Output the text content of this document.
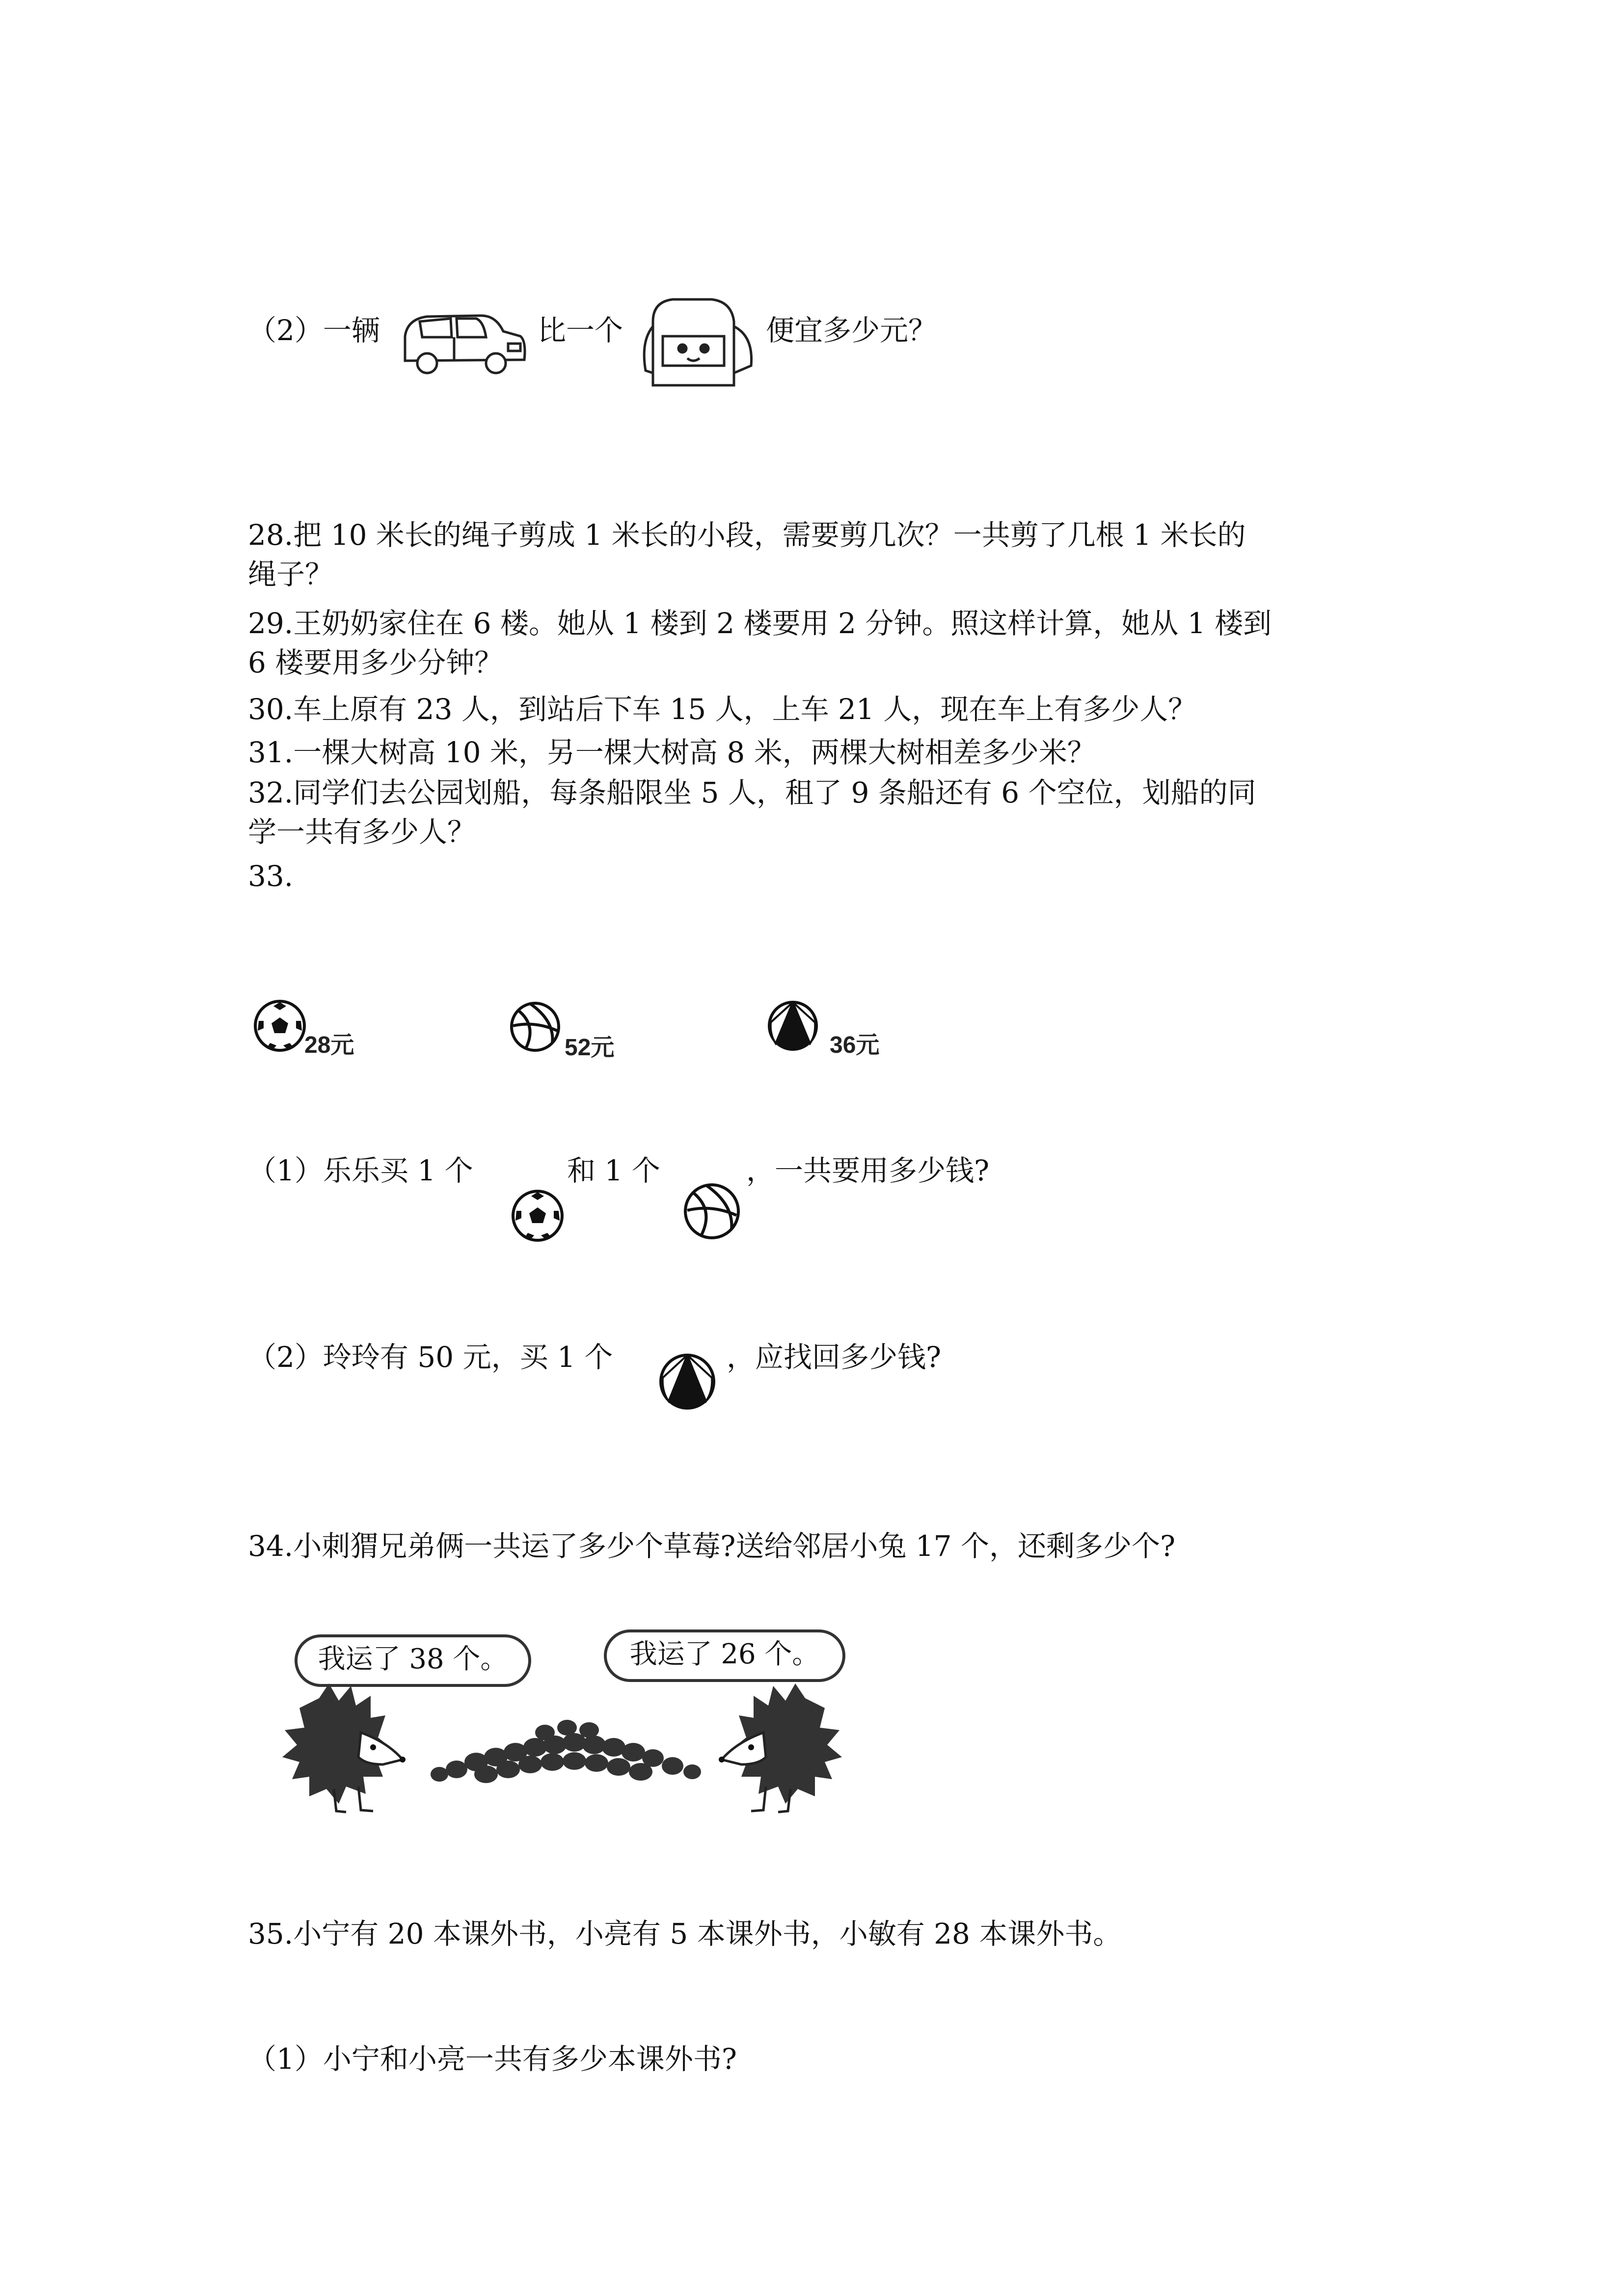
（2）一辆	比一个	便宜多少元？
28.把 10 米长的绳子剪成 1 米长的小段，需要剪几次？一共剪了几根 1 米长的
绳子？
29.王奶奶家住在 6 楼。她从 1 楼到 2 楼要用 2 分钟。照这样计算，她从 1 楼到
6 楼要用多少分钟？
30.车上原有 23 人，到站后下车 15 人，上车 21 人，现在车上有多少人？
31.一棵大树高 10 米，另一棵大树高 8 米，两棵大树相差多少米？
32.同学们去公园划船，每条船限坐 5 人，租了 9 条船还有 6 个空位，划船的同
学一共有多少人？
33.
28元	52元	36元
（1）乐乐买 1 个	和 1 个	，一共要用多少钱?
（2）玲玲有 50 元，买 1 个	，应找回多少钱?
34.小刺猬兄弟俩一共运了多少个草莓?送给邻居小兔 17 个，还剩多少个?
我运了 38 个。	我运了 26 个。
35.小宁有 20 本课外书，小亮有 5 本课外书，小敏有 28 本课外书。
（1）小宁和小亮一共有多少本课外书?
